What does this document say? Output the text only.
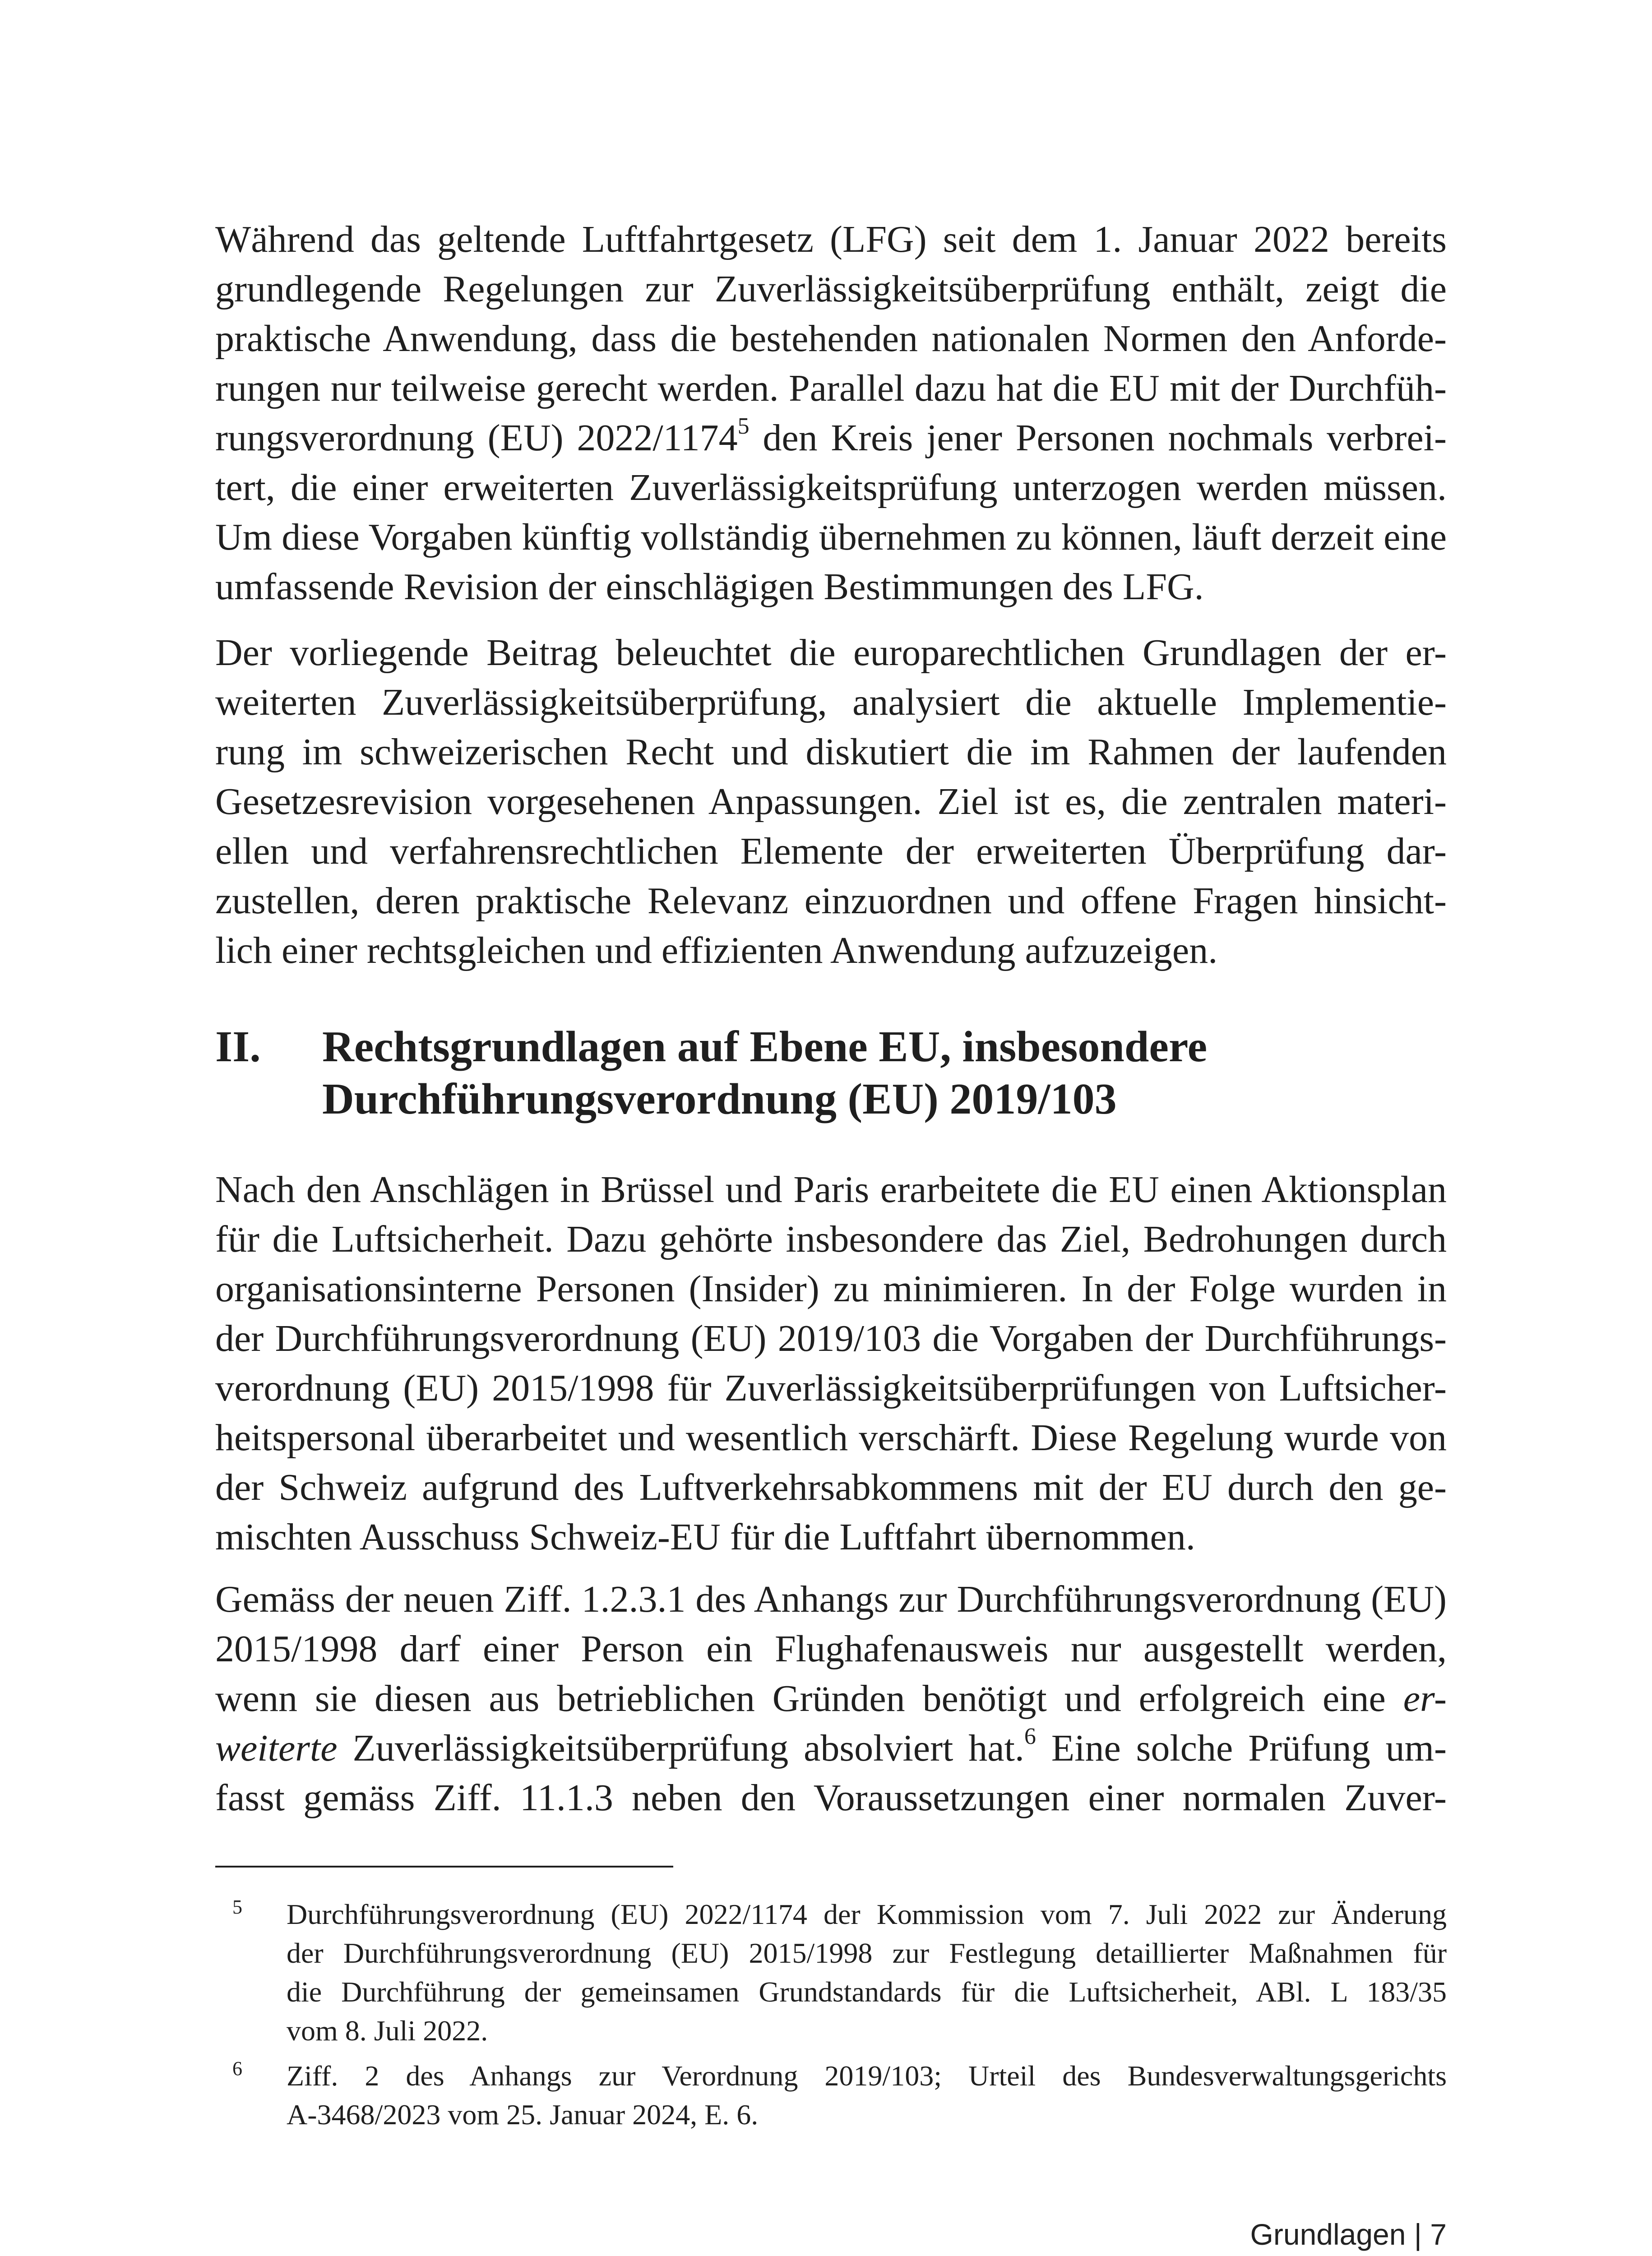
Während das geltende Luftfahrtgesetz (LFG) seit dem 1. Januar 2022 bereits
grundlegende Regelungen zur Zuverlässigkeitsüberprüfung enthält, zeigt die
praktische Anwendung, dass die bestehenden nationalen Normen den Anforde-
rungen nur teilweise gerecht werden. Parallel dazu hat die EU mit der Durchfüh-
rungsverordnung (EU) 2022/1174$^5$ den Kreis jener Personen nochmals verbrei-
tert, die einer erweiterten Zuverlässigkeitsprüfung unterzogen werden müssen.
Um diese Vorgaben künftig vollständig übernehmen zu können, läuft derzeit eine
umfassende Revision der einschlägigen Bestimmungen des LFG.

Der vorliegende Beitrag beleuchtet die europarechtlichen Grundlagen der er-
weiterten Zuverlässigkeitsüberprüfung, analysiert die aktuelle Implementie-
rung im schweizerischen Recht und diskutiert die im Rahmen der laufenden
Gesetzesrevision vorgesehenen Anpassungen. Ziel ist es, die zentralen materi-
ellen und verfahrensrechtlichen Elemente der erweiterten Überprüfung dar-
zustellen, deren praktische Relevanz einzuordnen und offene Fragen hinsicht-
lich einer rechtsgleichen und effizienten Anwendung aufzuzeigen.

II. Rechtsgrundlagen auf Ebene EU, insbesondere
Durchführungsverordnung (EU) 2019/103

Nach den Anschlägen in Brüssel und Paris erarbeitete die EU einen Aktionsplan
für die Luftsicherheit. Dazu gehörte insbesondere das Ziel, Bedrohungen durch
organisationsinterne Personen (Insider) zu minimieren. In der Folge wurden in
der Durchführungsverordnung (EU) 2019/103 die Vorgaben der Durchführungs-
verordnung (EU) 2015/1998 für Zuverlässigkeitsüberprüfungen von Luftsicher-
heitspersonal überarbeitet und wesentlich verschärft. Diese Regelung wurde von
der Schweiz aufgrund des Luftverkehrsabkommens mit der EU durch den ge-
mischten Ausschuss Schweiz-EU für die Luftfahrt übernommen.

Gemäss der neuen Ziff. 1.2.3.1 des Anhangs zur Durchführungsverordnung (EU)
2015/1998 darf einer Person ein Flughafenausweis nur ausgestellt werden,
wenn sie diesen aus betrieblichen Gründen benötigt und erfolgreich eine er-
weiterte Zuverlässigkeitsüberprüfung absolviert hat.$^6$ Eine solche Prüfung um-
fasst gemäss Ziff. 11.1.3 neben den Voraussetzungen einer normalen Zuver-

5 Durchführungsverordnung (EU) 2022/1174 der Kommission vom 7. Juli 2022 zur Änderung
der Durchführungsverordnung (EU) 2015/1998 zur Festlegung detaillierter Maßnahmen für
die Durchführung der gemeinsamen Grundstandards für die Luftsicherheit, ABl. L 183/35
vom 8. Juli 2022.
6 Ziff. 2 des Anhangs zur Verordnung 2019/103; Urteil des Bundesverwaltungsgerichts
A-3468/2023 vom 25. Januar 2024, E. 6.

Grundlagen | 7
